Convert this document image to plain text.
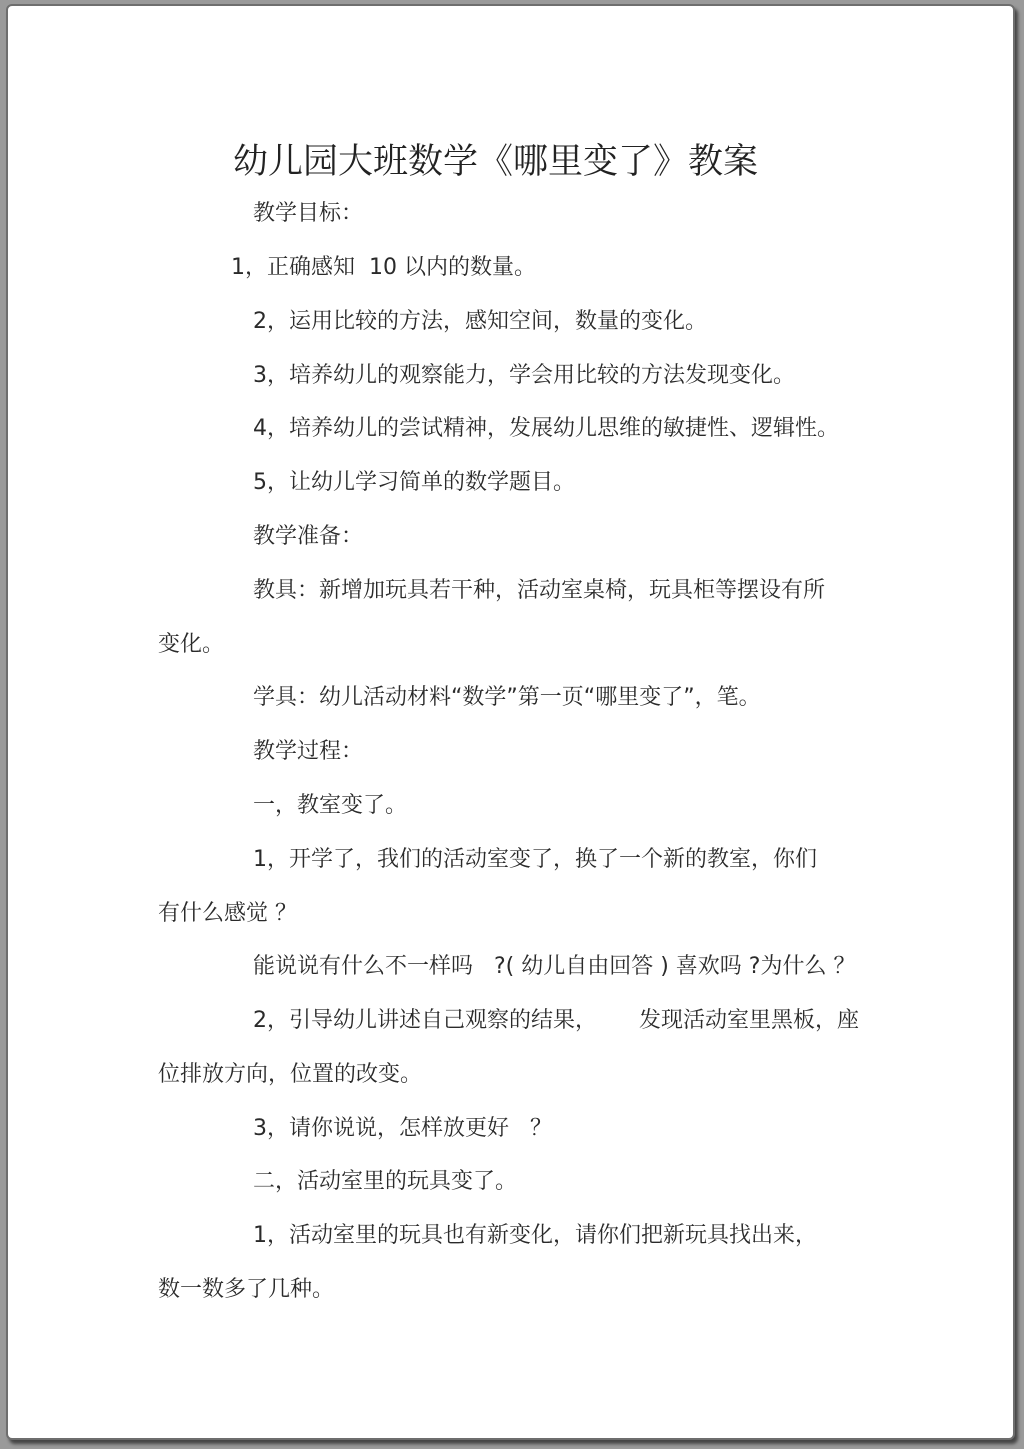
幼儿园大班数学《哪里变了》教案

教学目标：

1，正确感知  10 以内的数量。

2，运用比较的方法，感知空间，数量的变化。

3，培养幼儿的观察能力，学会用比较的方法发现变化。

4，培养幼儿的尝试精神，发展幼儿思维的敏捷性、逻辑性。

5，让幼儿学习简单的数学题目。

教学准备：

教具：新增加玩具若干种，活动室桌椅，玩具柜等摆设有所

变化。

学具：幼儿活动材料“数学”第一页“哪里变了”，笔。

教学过程：

一，教室变了。

1，开学了，我们的活动室变了，换了一个新的教室，你们

有什么感觉 ？

能说说有什么不一样吗   ?( 幼儿自由回答 ) 喜欢吗 ?为什么 ？

2，引导幼儿讲述自己观察的结果，      发现活动室里黑板，座

位排放方向，位置的改变。

3，请你说说，怎样放更好   ？

二，活动室里的玩具变了。

1，活动室里的玩具也有新变化，请你们把新玩具找出来，

数一数多了几种。
